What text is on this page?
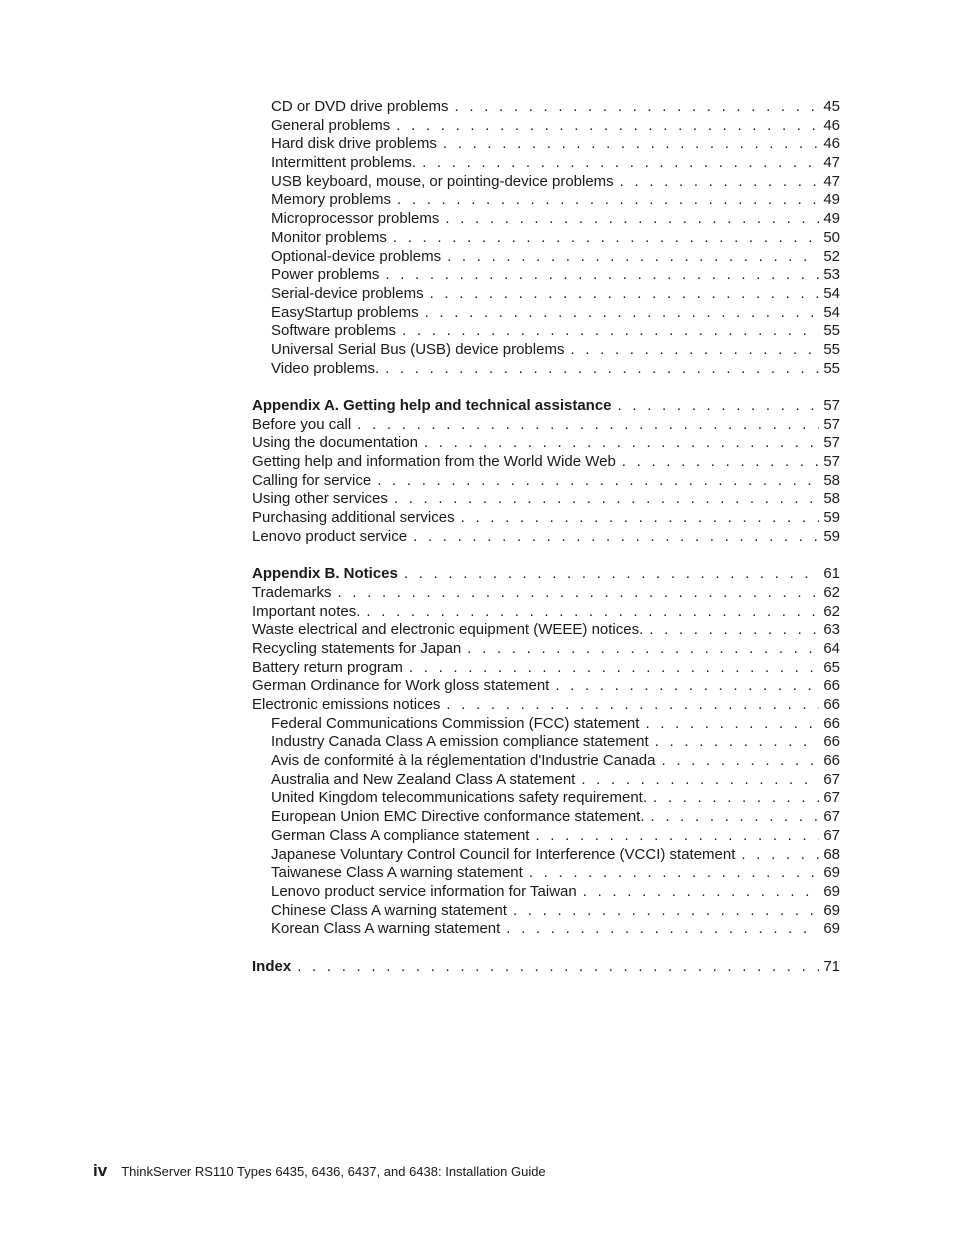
CD or DVD drive problems . . .	45
General problems . . .	46
Hard disk drive problems . . .	46
Intermittent problems. . . .	47
USB keyboard, mouse, or pointing-device problems . . .	47
Memory problems . . .	49
Microprocessor problems . . .	49
Monitor problems . . .	50
Optional-device problems . . .	52
Power problems . . .	53
Serial-device problems . . .	54
EasyStartup problems . . .	54
Software problems . . .	55
Universal Serial Bus (USB) device problems . . .	55
Video problems. . . .	55
Appendix A. Getting help and technical assistance . . .	57
Before you call . . .	57
Using the documentation . . .	57
Getting help and information from the World Wide Web . . .	57
Calling for service . . .	58
Using other services . . .	58
Purchasing additional services . . .	59
Lenovo product service . . .	59
Appendix B. Notices . . .	61
Trademarks . . .	62
Important notes. . . .	62
Waste electrical and electronic equipment (WEEE) notices. . . .	63
Recycling statements for Japan . . .	64
Battery return program . . .	65
German Ordinance for Work gloss statement . . .	66
Electronic emissions notices . . .	66
Federal Communications Commission (FCC) statement . . .	66
Industry Canada Class A emission compliance statement . . .	66
Avis de conformité à la réglementation d'Industrie Canada . . .	66
Australia and New Zealand Class A statement . . .	67
United Kingdom telecommunications safety requirement. . . .	67
European Union EMC Directive conformance statement. . . .	67
German Class A compliance statement . . .	67
Japanese Voluntary Control Council for Interference (VCCI) statement . . .	68
Taiwanese Class A warning statement . . .	69
Lenovo product service information for Taiwan . . .	69
Chinese Class A warning statement . . .	69
Korean Class A warning statement . . .	69
Index . . .	71
iv ThinkServer RS110 Types 6435, 6436, 6437, and 6438: Installation Guide
